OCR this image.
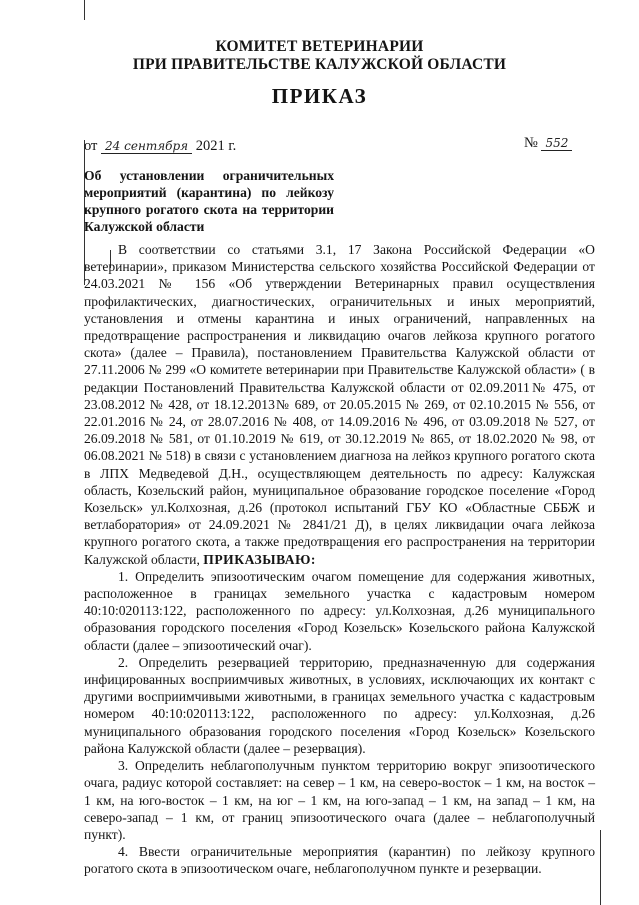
КОМИТЕТ ВЕТЕРИНАРИИ
ПРИ ПРАВИТЕЛЬСТВЕ КАЛУЖСКОЙ ОБЛАСТИ
ПРИКАЗ
от 24 сентября 2021 г.	№ 552
Об установлении ограничительных
мероприятий (карантина) по лейкозу
крупного рогатого скота на территории
Калужской области

В соответствии со статьями 3.1, 17 Закона Российской Федерации «О ветеринарии», приказом Министерства сельского хозяйства Российской Федерации от 24.03.2021 № 156 «Об утверждении Ветеринарных правил осуществления профилактических, диагностических, ограничительных и иных мероприятий, установления и отмены карантина и иных ограничений, направленных на предотвращение распространения и ликвидацию очагов лейкоза крупного рогатого скота» (далее – Правила), постановлением Правительства Калужской области от 27.11.2006 № 299 «О комитете ветеринарии при Правительстве Калужской области» ( в редакции Постановлений Правительства Калужской области от 02.09.2011№ 475, от 23.08.2012 № 428, от 18.12.2013№ 689, от 20.05.2015 № 269, от 02.10.2015 № 556, от 22.01.2016 № 24, от 28.07.2016 № 408, от 14.09.2016 № 496, от 03.09.2018 № 527, от 26.09.2018 № 581, от 01.10.2019 № 619, от 30.12.2019 № 865, от 18.02.2020 № 98, от 06.08.2021 № 518) в связи с установлением диагноза на лейкоз крупного рогатого скота в ЛПХ Медведевой Д.Н., осуществляющем деятельность по адресу: Калужская область, Козельский район, муниципальное образование городское поселение «Город Козельск» ул.Колхозная, д.26 (протокол испытаний ГБУ КО «Областные СББЖ и ветлаборатория» от 24.09.2021 № 2841/21 Д), в целях ликвидации очага лейкоза крупного рогатого скота, а также предотвращения его распространения на территории Калужской области, ПРИКАЗЫВАЮ:

1. Определить эпизоотическим очагом помещение для содержания животных, расположенное в границах земельного участка с кадастровым номером 40:10:020113:122, расположенного по адресу: ул.Колхозная, д.26 муниципального образования городского поселения «Город Козельск» Козельского района Калужской области (далее – эпизоотический очаг).

2. Определить резервацией территорию, предназначенную для содержания инфицированных восприимчивых животных, в условиях, исключающих их контакт с другими восприимчивыми животными, в границах земельного участка с кадастровым номером 40:10:020113:122, расположенного по адресу: ул.Колхозная, д.26 муниципального образования городского поселения «Город Козельск» Козельского района Калужской области (далее – резервация).

3. Определить неблагополучным пунктом территорию вокруг эпизоотического очага, радиус которой составляет: на север – 1 км, на северо-восток – 1 км, на восток – 1 км, на юго-восток – 1 км, на юг – 1 км, на юго-запад – 1 км, на запад – 1 км, на северо-запад – 1 км, от границ эпизоотического очага (далее – неблагополучный пункт).

4. Ввести ограничительные мероприятия (карантин) по лейкозу крупного рогатого скота в эпизоотическом очаге, неблагополучном пункте и резервации.
